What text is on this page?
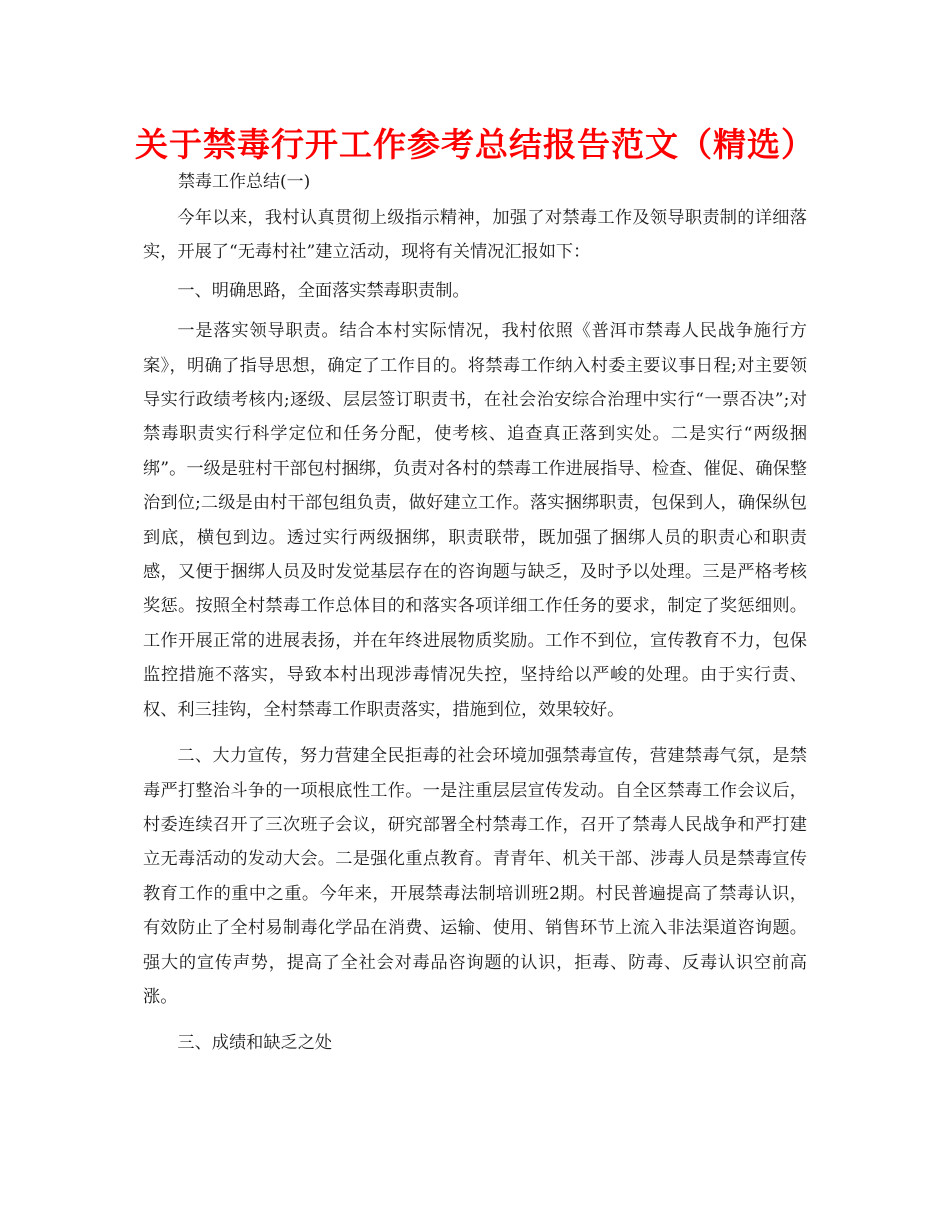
关于禁毒行开工作参考总结报告范文（精选）

禁毒工作总结(一)

今年以来，我村认真贯彻上级指示精神，加强了对禁毒工作及领导职责制的详细落实，开展了“无毒村社”建立活动，现将有关情况汇报如下：

一、明确思路，全面落实禁毒职责制。

一是落实领导职责。结合本村实际情况，我村依照《普洱市禁毒人民战争施行方案》，明确了指导思想，确定了工作目的。将禁毒工作纳入村委主要议事日程;对主要领导实行政绩考核内;逐级、层层签订职责书，在社会治安综合治理中实行“一票否决”;对禁毒职责实行科学定位和任务分配，使考核、追查真正落到实处。二是实行“两级捆绑”。一级是驻村干部包村捆绑，负责对各村的禁毒工作进展指导、检查、催促、确保整治到位;二级是由村干部包组负责，做好建立工作。落实捆绑职责，包保到人，确保纵包到底，横包到边。透过实行两级捆绑，职责联带，既加强了捆绑人员的职责心和职责感，又便于捆绑人员及时发觉基层存在的咨询题与缺乏，及时予以处理。三是严格考核奖惩。按照全村禁毒工作总体目的和落实各项详细工作任务的要求，制定了奖惩细则。工作开展正常的进展表扬，并在年终进展物质奖励。工作不到位，宣传教育不力，包保监控措施不落实，导致本村出现涉毒情况失控，坚持给以严峻的处理。由于实行责、权、利三挂钩，全村禁毒工作职责落实，措施到位，效果较好。

二、大力宣传，努力营建全民拒毒的社会环境加强禁毒宣传，营建禁毒气氛，是禁毒严打整治斗争的一项根底性工作。一是注重层层宣传发动。自全区禁毒工作会议后，村委连续召开了三次班子会议，研究部署全村禁毒工作，召开了禁毒人民战争和严打建立无毒活动的发动大会。二是强化重点教育。青青年、机关干部、涉毒人员是禁毒宣传教育工作的重中之重。今年来，开展禁毒法制培训班2期。村民普遍提高了禁毒认识，有效防止了全村易制毒化学品在消费、运输、使用、销售环节上流入非法渠道咨询题。强大的宣传声势，提高了全社会对毒品咨询题的认识，拒毒、防毒、反毒认识空前高涨。

三、成绩和缺乏之处
